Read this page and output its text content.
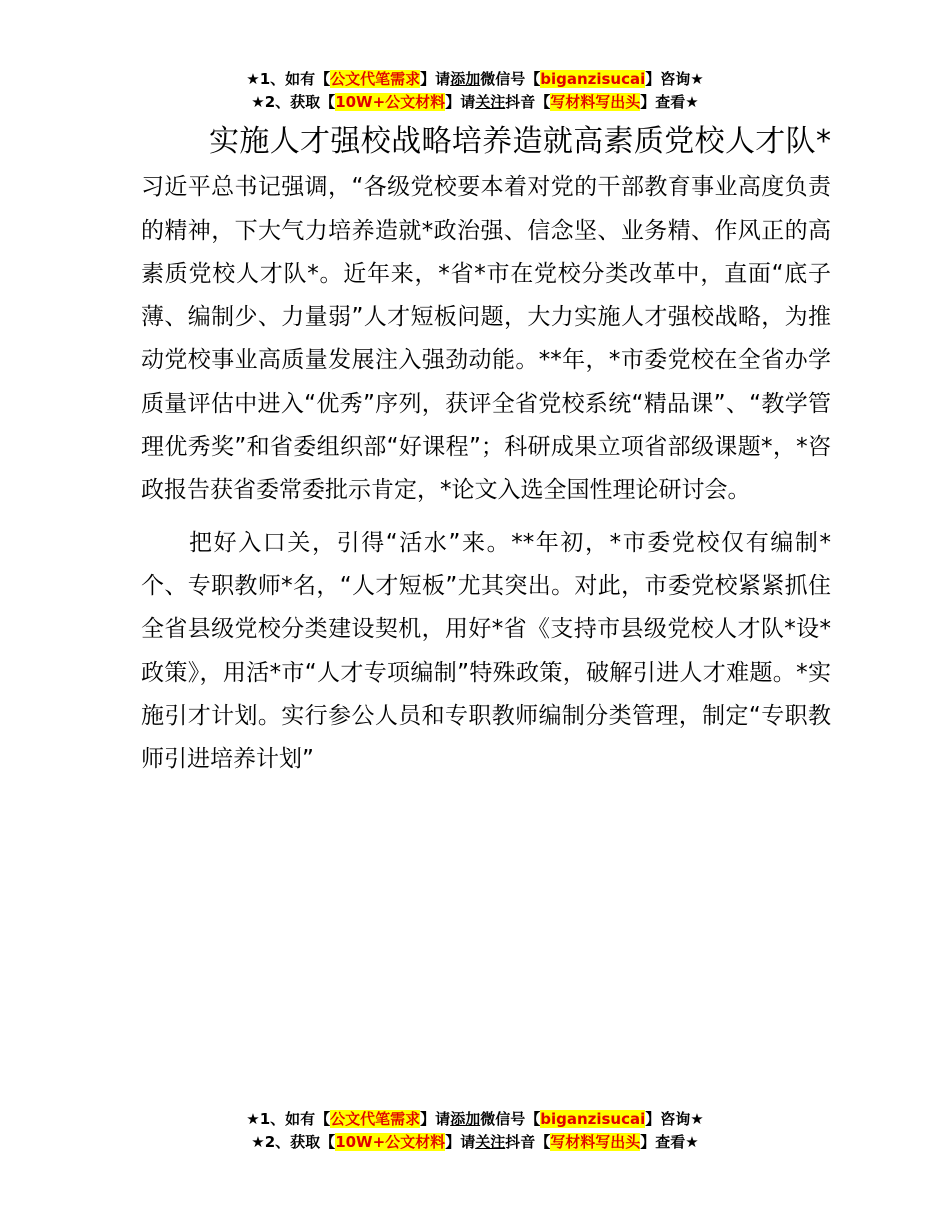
★1、如有【公文代笔需求】请添加微信号【biganzisucai】咨询★
★2、获取【10W+公文材料】请关注抖音【写材料写出头】查看★

实施人才强校战略培养造就高素质党校人才队*习近平总书记强调，“各级党校要本着对党的干部教育事业高度负责的精神，下大气力培养造就*政治强、信念坚、业务精、作风正的高素质党校人才队*。近年来，*省*市在党校分类改革中，直面“底子薄、编制少、力量弱”人才短板问题，大力实施人才强校战略，为推动党校事业高质量发展注入强劲动能。**年，*市委党校在全省办学质量评估中进入“优秀”序列，获评全省党校系统“精品课”、“教学管理优秀奖”和省委组织部“好课程”；科研成果立项省部级课题*，*咨政报告获省委常委批示肯定，*论文入选全国性理论研讨会。

把好入口关，引得“活水”来。**年初，*市委党校仅有编制*个、专职教师*名，“人才短板”尤其突出。对此，市委党校紧紧抓住全省县级党校分类建设契机，用好*省《支持市县级党校人才队*设*政策》，用活*市“人才专项编制”特殊政策，破解引进人才难题。*实施引才计划。实行参公人员和专职教师编制分类管理，制定“专职教师引进培养计划”

★1、如有【公文代笔需求】请添加微信号【biganzisucai】咨询★
★2、获取【10W+公文材料】请关注抖音【写材料写出头】查看★
